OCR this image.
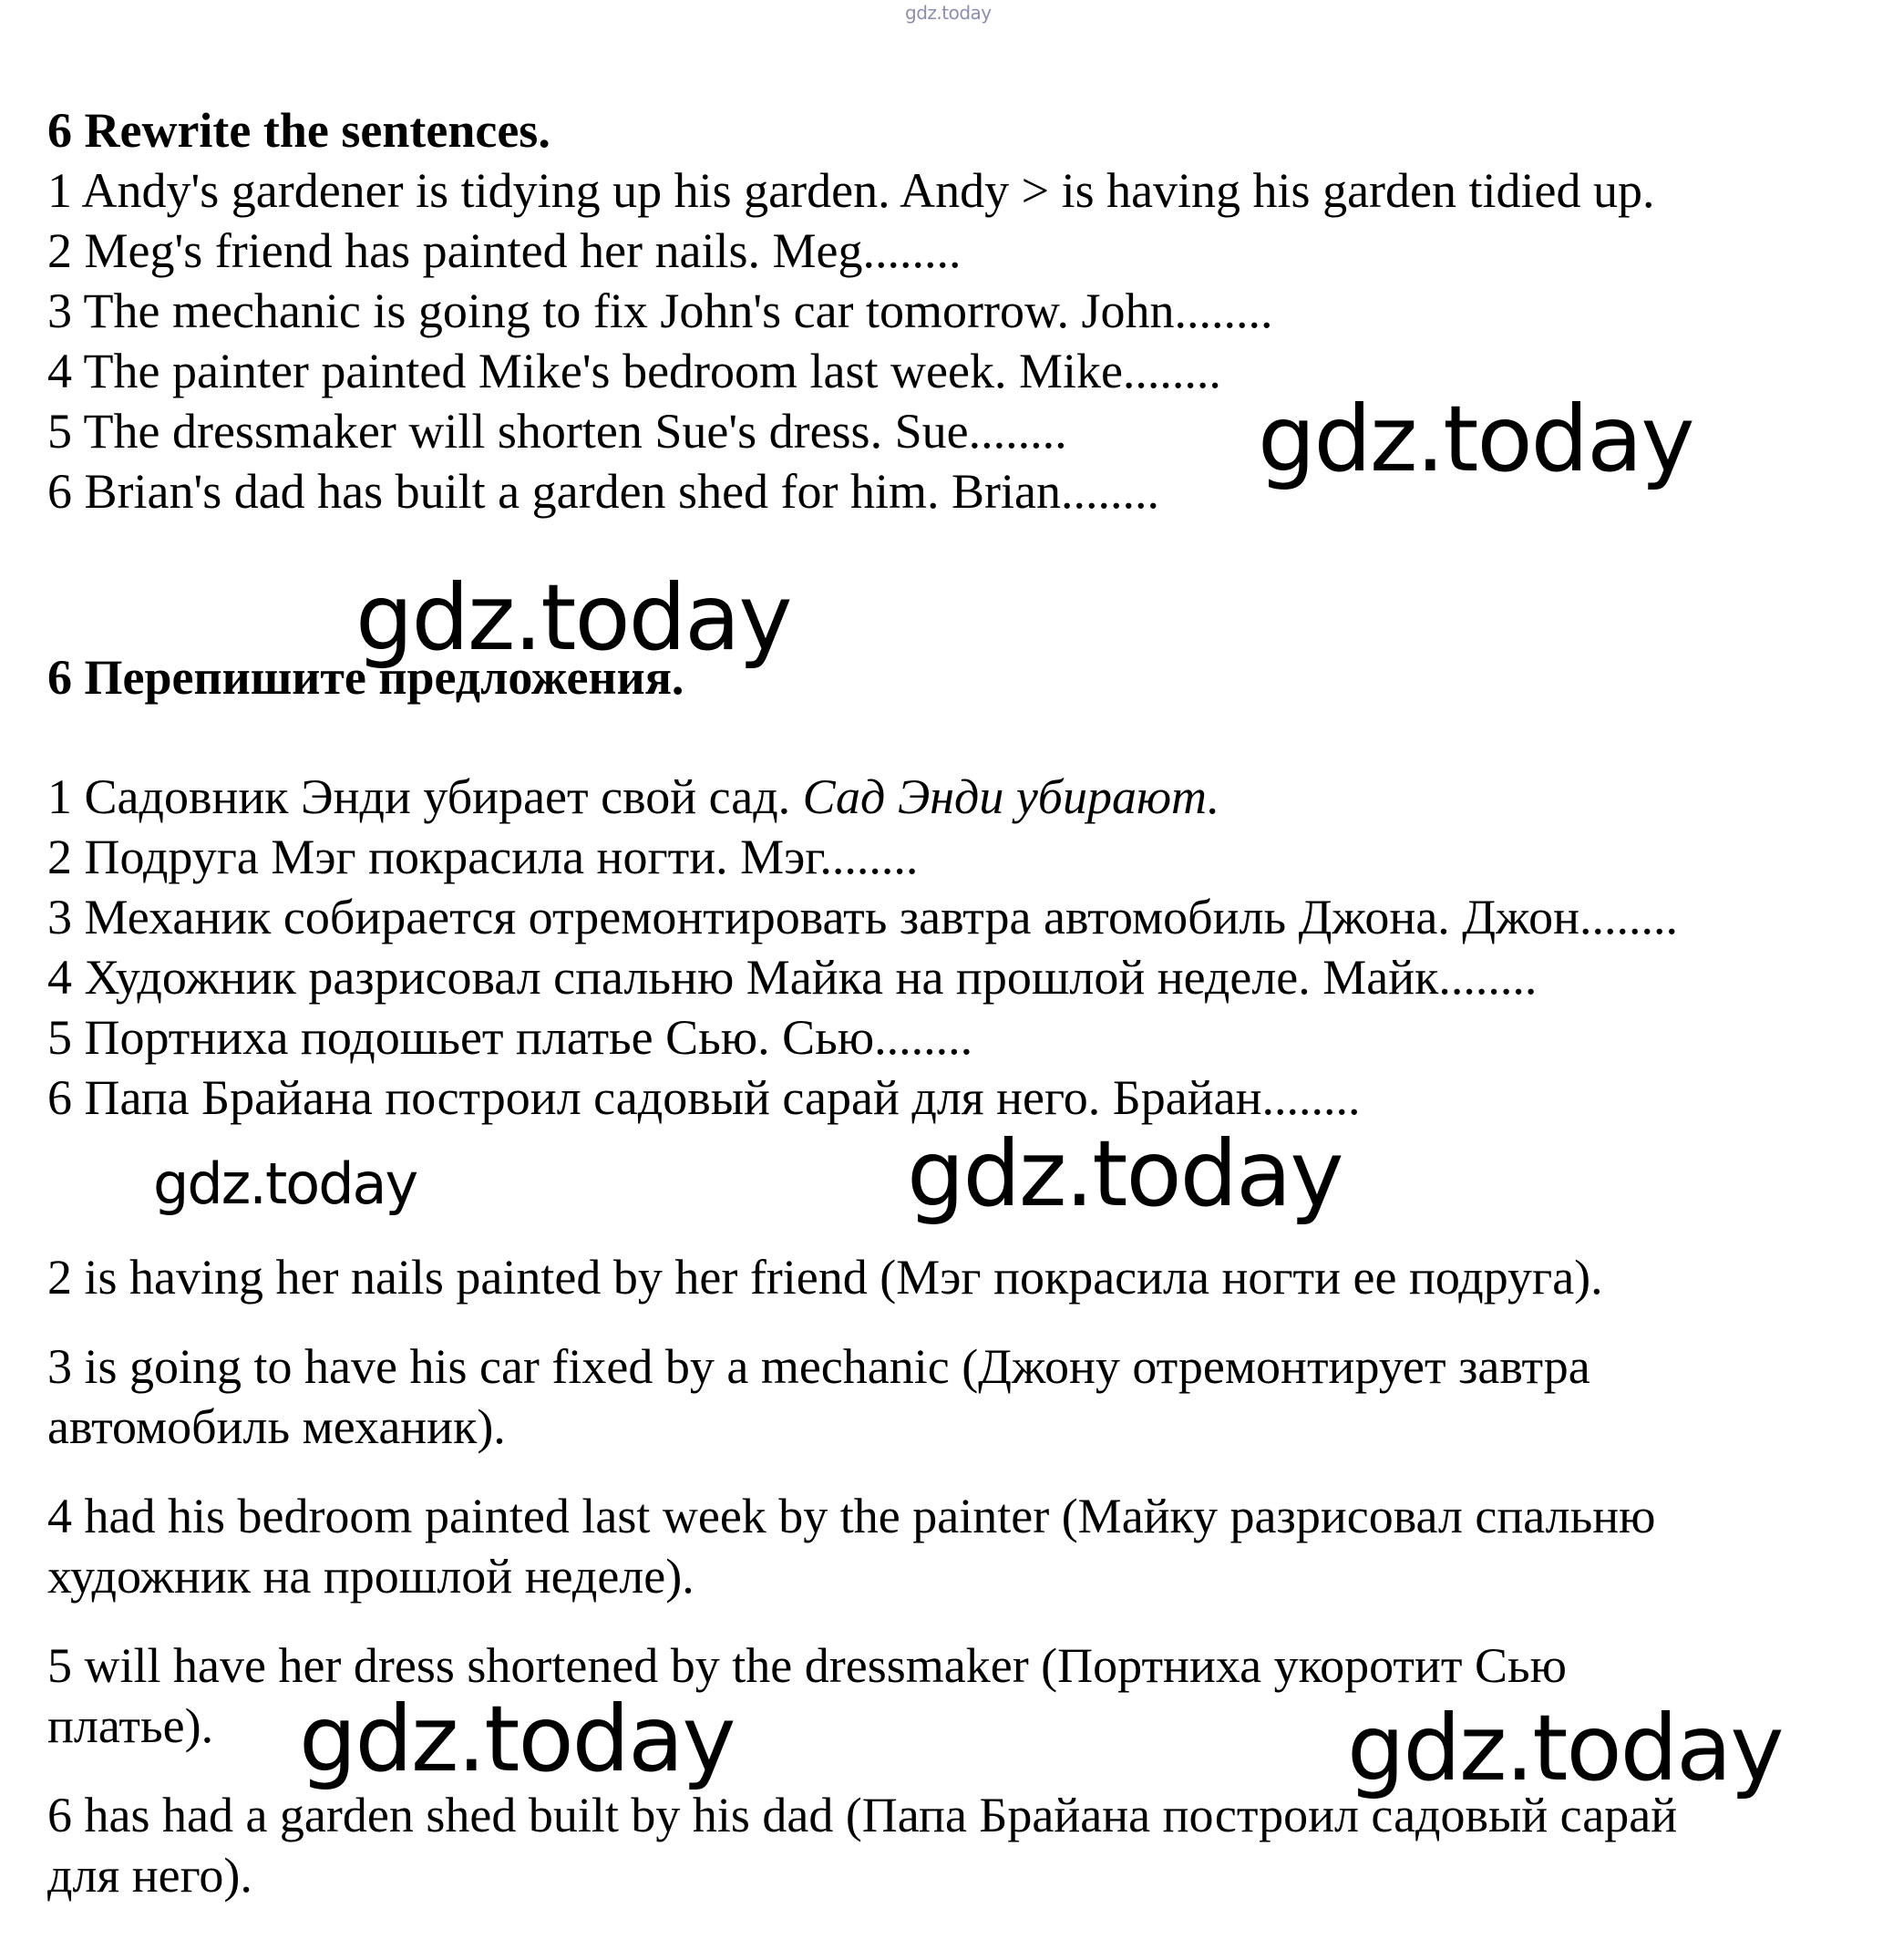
gdz.today
6 Rewrite the sentences.
1 Andy's gardener is tidying up his garden. Andy > is having his garden tidied up.
2 Meg's friend has painted her nails. Meg........
3 The mechanic is going to fix John's car tomorrow. John........
4 The painter painted Mike's bedroom last week. Mike........
5 The dressmaker will shorten Sue's dress. Sue........
6 Brian's dad has built a garden shed for him. Brian........
6 Перепишите предложения.
1 Садовник Энди убирает свой сад. Сад Энди убирают.
2 Подруга Мэг покрасила ногти. Мэг........
3 Механик собирается отремонтировать завтра автомобиль Джона. Джон........
4 Художник разрисовал спальню Майка на прошлой неделе. Майк........
5 Портниха подошьет платье Сью. Сью........
6 Папа Брайана построил садовый сарай для него. Брайан........
2 is having her nails painted by her friend (Мэг покрасила ногти ее подруга).
3 is going to have his car fixed by a mechanic (Джону отремонтирует завтра
автомобиль механик).
4 had his bedroom painted last week by the painter (Майку разрисовал спальню
художник на прошлой неделе).
5 will have her dress shortened by the dressmaker (Портниха укоротит Сью
платье).
6 has had a garden shed built by his dad (Папа Брайана построил садовый сарай
для него).
gdz.today
gdz.today
gdz.today	gdz.today
gdz.today	gdz.today
